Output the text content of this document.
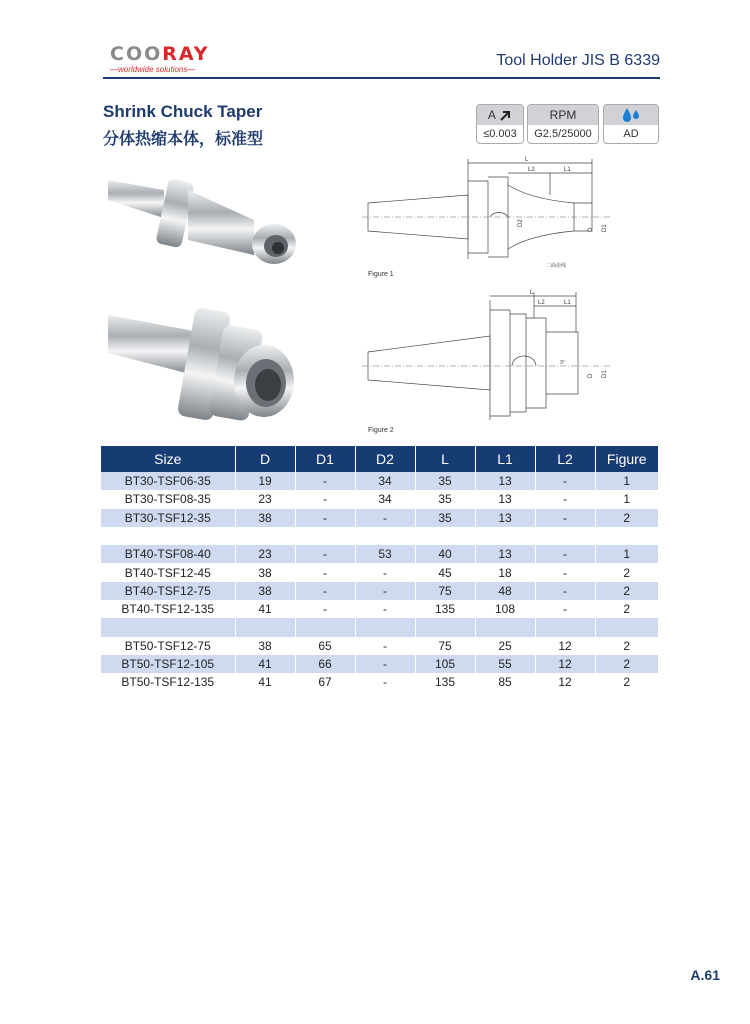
COORAY
—worldwide solutions—
Tool Holder JIS B 6339
Shrink Chuck Taper
分体热缩本体，标准型
A

≤0.003
RPM
G2.5/25000	AD
L
L2	L1
D2
D D1
二面齿线
Figure 1
L
L2	L1
3°
D D1
Figure 2
Size	D	D1	D2	L	L1	L2	Figure
BT30-TSF06-35	19	-	34	35	13	-	1
BT30-TSF08-35	23	-	34	35	13	-	1
BT30-TSF12-35	38	-	-	35	13	-	2

BT40-TSF08-40	23	-	53	40	13	-	1
BT40-TSF12-45	38	-	-	45	18	-	2
BT40-TSF12-75	38	-	-	75	48	-	2
BT40-TSF12-135	41	-	-	135	108	-	2

BT50-TSF12-75	38	65	-	75	25	12	2
BT50-TSF12-105	41	66	-	105	55	12	2
BT50-TSF12-135	41	67	-	135	85	12	2
A.61
